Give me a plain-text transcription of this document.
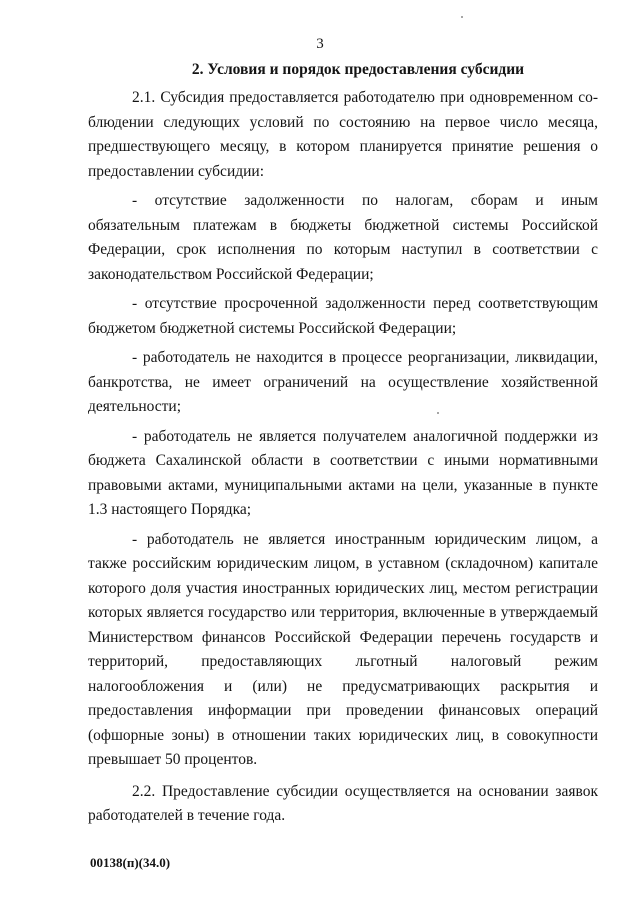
3
2. Условия и порядок предоставления субсидии

2.1. Субсидия предоставляется работодателю при одновременном соблюдении следующих условий по состоянию на первое число месяца, предшествующего месяцу, в котором планируется принятие решения о предоставлении субсидии:

- отсутствие задолженности по налогам, сборам и иным обязательным платежам в бюджеты бюджетной системы Российской Федерации, срок исполнения по которым наступил в соответствии с законодательством Российской Федерации;

- отсутствие просроченной задолженности перед соответствующим бюджетом бюджетной системы Российской Федерации;

- работодатель не находится в процессе реорганизации, ликвидации, банкротства, не имеет ограничений на осуществление хозяйственной деятельности;

- работодатель не является получателем аналогичной поддержки из бюджета Сахалинской области в соответствии с иными нормативными правовыми актами, муниципальными актами на цели, указанные в пункте 1.3 настоящего Порядка;

- работодатель не является иностранным юридическим лицом, а также российским юридическим лицом, в уставном (складочном) капитале которого доля участия иностранных юридических лиц, местом регистрации которых является государство или территория, включенные в утверждаемый Министерством финансов Российской Федерации перечень государств и территорий, предоставляющих льготный налоговый режим налогообложения и (или) не предусматривающих раскрытия и предоставления информации при проведении финансовых операций (офшорные зоны) в отношении таких юридических лиц, в совокупности превышает 50 процентов.

2.2. Предоставление субсидии осуществляется на основании заявок работодателей в течение года.

00138(п)(34.0)
